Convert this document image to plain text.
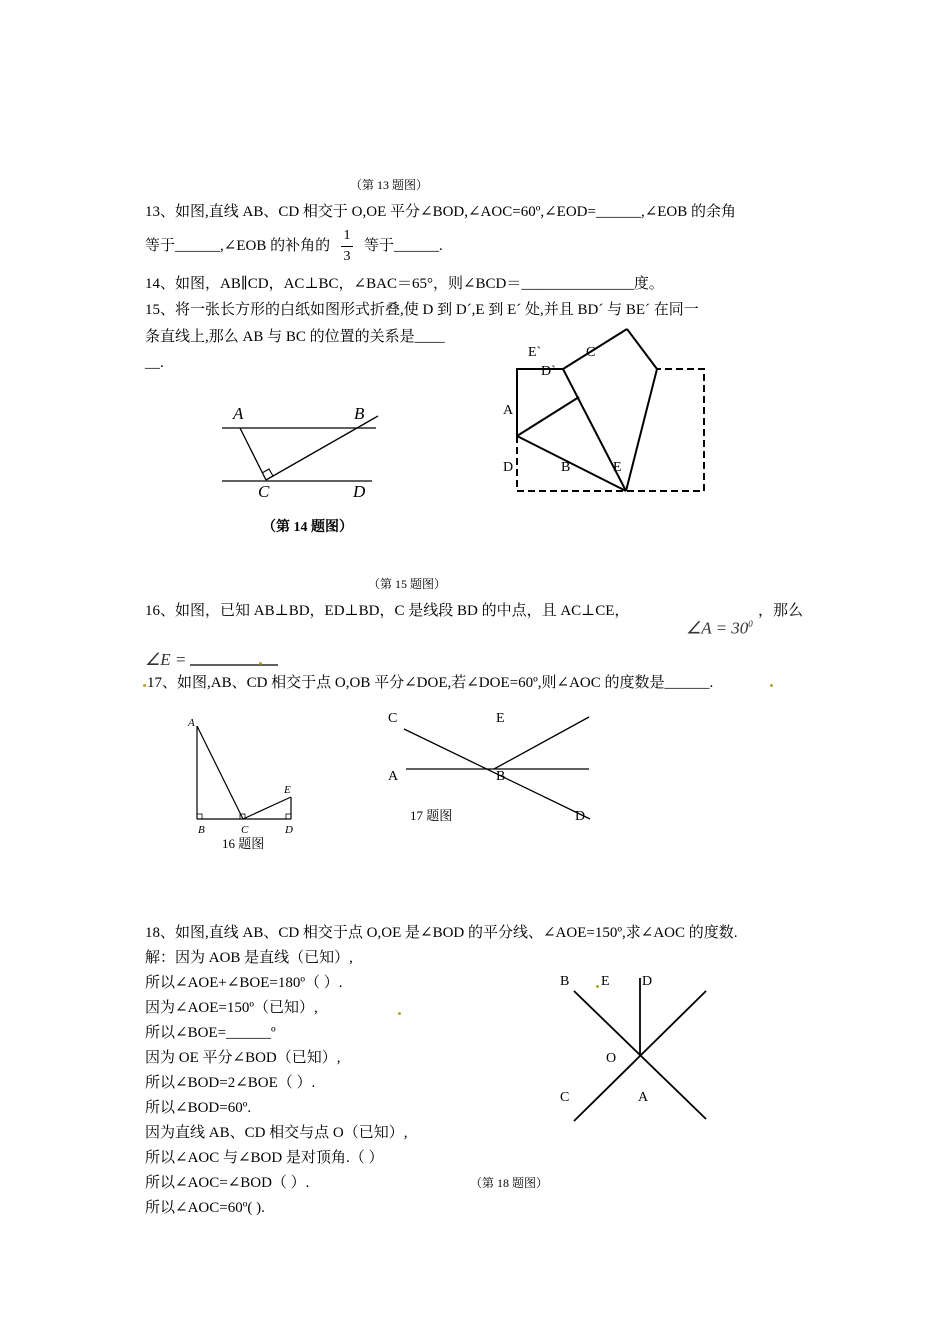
（第 13 题图）
13、如图,直线 AB、CD 相交于 O,OE 平分∠BOD,∠AOC=60º,∠EOD=______,∠EOB 的余角
等于______,∠EOB 的补角的
1
3
等于______.
14、如图，AB∥CD，AC⊥BC，∠BAC＝65°，则∠BCD＝_______________度。
15、将一张长方形的白纸如图形式折叠,使 D 到 D´,E 到 E´ 处,并且 BD´ 与 BE´ 在同一
条直线上,那么 AB 与 BC 的位置的关系是____
__.
A	B
C	D
（第 14 题图）
E`	C
D`
A
D	B	E
（第 15 题图）
16、如图，已知 AB⊥BD，ED⊥BD，C 是线段 BD 的中点，且 AC⊥CE，
∠A = $30^0$
，那么
∠E =
17、如图,AB、CD 相交于点 O,OB 平分∠DOE,若∠DOE=60º,则∠AOC 的度数是______.
A
E
B	C	D
16 题图
C	E
A	B
D
17 题图
18、如图,直线 AB、CD 相交于点 O,OE 是∠BOD 的平分线、∠AOE=150º,求∠AOC 的度数.
解：因为 AOB 是直线（已知）,
所以∠AOE+∠BOE=180º（ ）.
因为∠AOE=150º（已知）,
所以∠BOE=______º
因为 OE 平分∠BOD（已知）,
所以∠BOD=2∠BOE（ ）.
所以∠BOD=60º.
因为直线 AB、CD 相交与点 O（已知）,
所以∠AOC 与∠BOD 是对顶角.（ ）
所以∠AOC=∠BOD（ ）.
所以∠AOC=60º( ).
B E D
O
C	A
（第 18 题图）
